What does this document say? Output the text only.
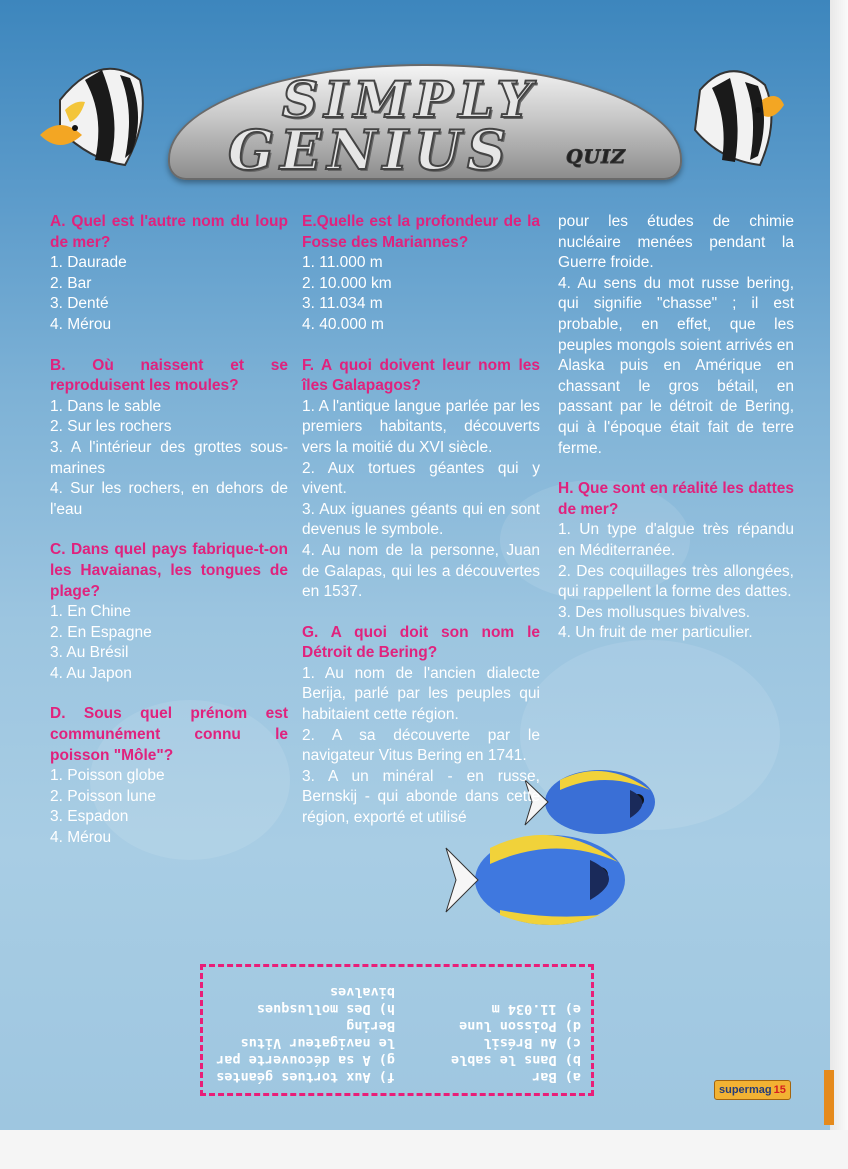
SIMPLY
GENIUS	QUIZ

A. Quel est l'autre nom du loup de mer?

1. Daurade

2. Bar

3. Denté

4. Mérou

B. Où naissent et se reproduisent les moules?

1. Dans le sable

2. Sur les rochers

3. A l'intérieur des grottes sous-marines

4. Sur les rochers, en dehors de l'eau

C. Dans quel pays fabrique-t-on les Havaianas, les tongues de plage?

1. En Chine

2. En Espagne

3. Au Brésil

4. Au Japon

D. Sous quel prénom est communément connu le poisson "Môle"?

1. Poisson globe

2. Poisson lune

3. Espadon

4. Mérou

E.Quelle est la profondeur de la Fosse des Mariannes?

1. 11.000 m

2. 10.000 km

3. 11.034 m

4. 40.000 m

F. A quoi doivent leur nom les îles Galapagos?

1. A l'antique langue parlée par les premiers habitants, découverts vers la moitié du XVI siècle.

2. Aux tortues géantes qui y vivent.

3. Aux iguanes géants qui en sont devenus le symbole.

4. Au nom de la personne, Juan de Galapas, qui les a découvertes en 1537.

G. A quoi doit son nom le Détroit de Bering?

1. Au nom de l'ancien dialecte Berija, parlé par les peuples qui habitaient cette région.

2. A sa découverte par le navigateur Vitus Bering en 1741.

3. A un minéral - en russe, Bernskij - qui abonde dans cette région, exporté et utilisé

pour les études de chimie nucléaire menées pendant la Guerre froide.

4. Au sens du mot russe bering, qui signifie "chasse" ; il est probable, en effet, que les peuples mongols soient arrivés en Alaska puis en Amérique en chassant le gros bétail, en passant par le détroit de Bering, qui à l'époque était fait de terre ferme.

H. Que sont en réalité les dattes de mer?

1. Un type d'algue très répandu en Méditerranée.

2. Des coquillages très allongées, qui rappellent la forme des dattes.

3. Des mollusques bivalves.

4. Un fruit de mer particulier.

a) Bar

b) Dans le sable

c) Au Brésil

d) Poisson lune

e) 11.034 m

f) Aux tortues géantes

g) A sa découverte par le navigateur Vitus Bering

h) Des mollusques bivalves

supermag 15
